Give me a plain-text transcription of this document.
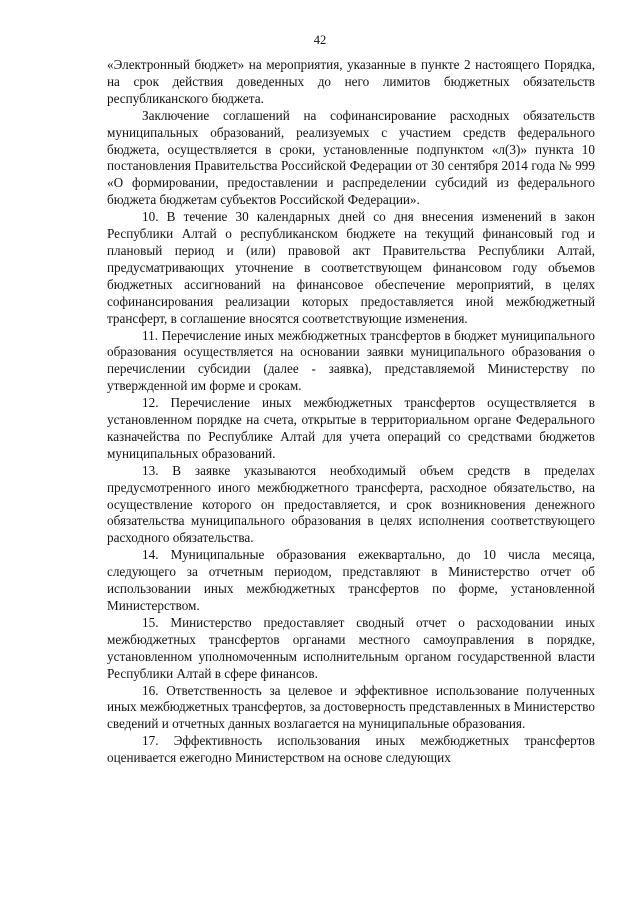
42

«Электронный бюджет» на мероприятия, указанные в пункте 2 настоящего Порядка, на срок действия доведенных до него лимитов бюджетных обязательств республиканского бюджета.

Заключение соглашений на софинансирование расходных обязательств муниципальных образований, реализуемых с участием средств федерального бюджета, осуществляется в сроки, установленные подпунктом «л(3)» пункта 10 постановления Правительства Российской Федерации от 30 сентября 2014 года № 999 «О формировании, предоставлении и распределении субсидий из федерального бюджета бюджетам субъектов Российской Федерации».

10. В течение 30 календарных дней со дня внесения изменений в закон Республики Алтай о республиканском бюджете на текущий финансовый год и плановый период и (или) правовой акт Правительства Республики Алтай, предусматривающих уточнение в соответствующем финансовом году объемов бюджетных ассигнований на финансовое обеспечение мероприятий, в целях софинансирования реализации которых предоставляется иной межбюджетный трансферт, в соглашение вносятся соответствующие изменения.

11. Перечисление иных межбюджетных трансфертов в бюджет муниципального образования осуществляется на основании заявки муниципального образования о перечислении субсидии (далее - заявка), представляемой Министерству по утвержденной им форме и срокам.

12. Перечисление иных межбюджетных трансфертов осуществляется в установленном порядке на счета, открытые в территориальном органе Федерального казначейства по Республике Алтай для учета операций со средствами бюджетов муниципальных образований.

13. В заявке указываются необходимый объем средств в пределах предусмотренного иного межбюджетного трансферта, расходное обязательство, на осуществление которого он предоставляется, и срок возникновения денежного обязательства муниципального образования в целях исполнения соответствующего расходного обязательства.

14. Муниципальные образования ежеквартально, до 10 числа месяца, следующего за отчетным периодом, представляют в Министерство отчет об использовании иных межбюджетных трансфертов по форме, установленной Министерством.

15. Министерство предоставляет сводный отчет о расходовании иных межбюджетных трансфертов органами местного самоуправления в порядке, установленном уполномоченным исполнительным органом государственной власти Республики Алтай в сфере финансов.

16. Ответственность за целевое и эффективное использование полученных иных межбюджетных трансфертов, за достоверность представленных в Министерство сведений и отчетных данных возлагается на муниципальные образования.

17. Эффективность использования иных межбюджетных трансфертов оценивается ежегодно Министерством на основе следующих
